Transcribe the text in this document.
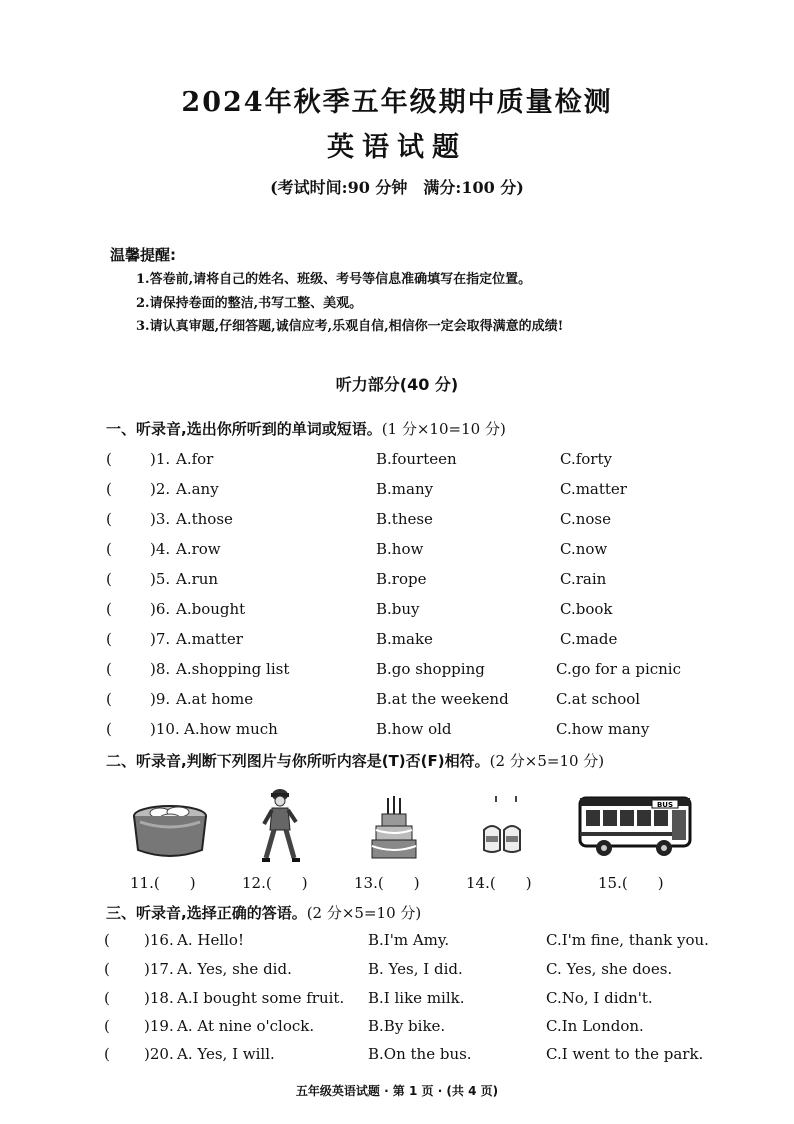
2024年秋季五年级期中质量检测
英语试题
(考试时间:90 分钟　满分:100 分)
温馨提醒:
1.答卷前,请将自己的姓名、班级、考号等信息准确填写在指定位置。
2.请保持卷面的整洁,书写工整、美观。
3.请认真审题,仔细答题,诚信应考,乐观自信,相信你一定会取得满意的成绩!
听力部分(40 分)
一、听录音,选出你所听到的单词或短语。(1 分×10=10 分)
(	)1. A.for	B.fourteen	C.forty
(	)2. A.any	B.many	C.matter
(	)3. A.those	B.these	C.nose
(	)4. A.row	B.how	C.now
(	)5. A.run	B.rope	C.rain
(	)6. A.bought	B.buy	C.book
(	)7. A.matter	B.make	C.made
(	)8. A.shopping list	B.go shopping	C.go for a picnic
(	)9. A.at home	B.at the weekend	C.at school
(	)10. A.how much	B.how old	C.how many
二、听录音,判断下列图片与你所听内容是(T)否(F)相符。(2 分×5=10 分)
BUS
11.(　　)	12.(　　)	13.(　　)	14.(　　)	15.(　　)
三、听录音,选择正确的答语。(2 分×5=10 分)
( )16. A. Hello!	B.I'm Amy.	C.I'm fine, thank you.
( )17. A. Yes, she did.	B. Yes, I did.	C. Yes, she does.
( )18. A.I bought some fruit. B.I like milk.	C.No, I didn't.
( )19. A. At nine o'clock.	B.By bike.	C.In London.
( )20. A. Yes, I will.	B.On the bus.	C.I went to the park.
五年级英语试题 · 第 1 页 · (共 4 页)
